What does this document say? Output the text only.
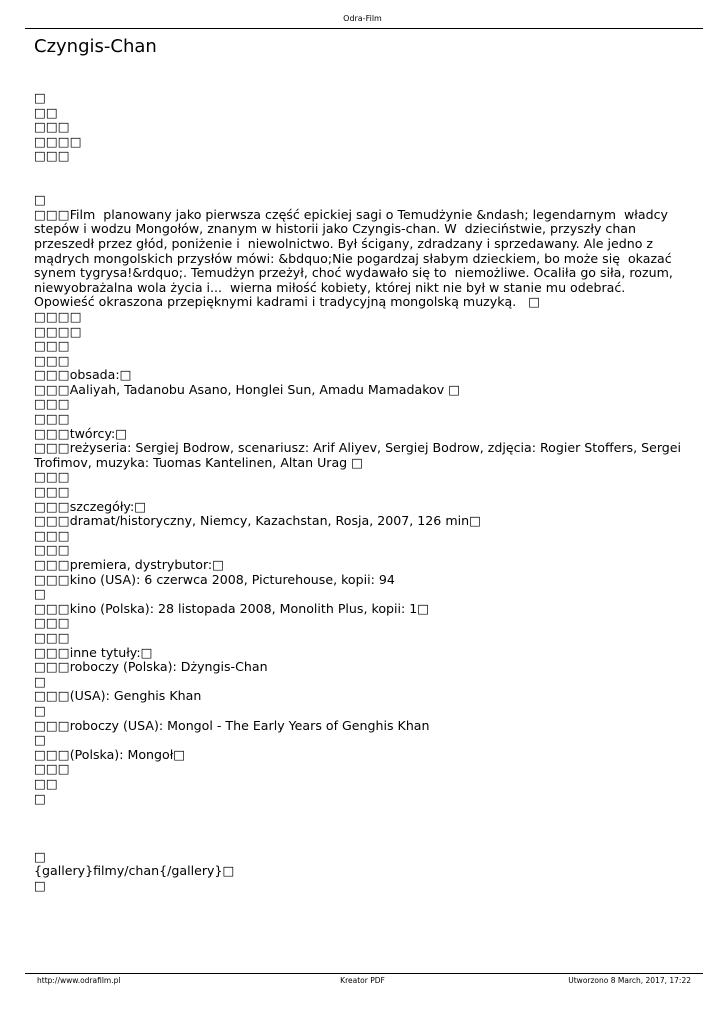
Odra-Film
Czyngis-Chan
□
□□
□□□
□□□□
□□□
□
□□□Film  planowany jako pierwsza część epickiej sagi o Temudżynie &ndash; legendarnym  władcy stepów i wodzu Mongołów, znanym w historii jako Czyngis-chan. W  dzieciństwie, przyszły chan przeszedł przez głód, poniżenie i  niewolnictwo. Był ścigany, zdradzany i sprzedawany. Ale jedno z mądrych mongolskich przysłów mówi: &bdquo;Nie pogardzaj słabym dzieckiem, bo może się  okazać synem tygrysa!&rdquo;. Temudżyn przeżył, choć wydawało się to  niemożliwe. Ocaliła go siła, rozum, niewyobrażalna wola życia i...  wierna miłość kobiety, której nikt nie był w stanie mu odebrać.  Opowieść okraszona przepięknymi kadrami i tradycyjną mongolską muzyką.   □
□□□□
□□□□
□□□
□□□
□□□obsada:□
□□□Aaliyah, Tadanobu Asano, Honglei Sun, Amadu Mamadakov □
□□□
□□□
□□□twórcy:□
□□□reżyseria: Sergiej Bodrow, scenariusz: Arif Aliyev, Sergiej Bodrow, zdjęcia: Rogier Stoffers, Sergei Trofimov, muzyka: Tuomas Kantelinen, Altan Urag □
□□□
□□□
□□□szczegóły:□
□□□dramat/historyczny, Niemcy, Kazachstan, Rosja, 2007, 126 min□
□□□
□□□
□□□premiera, dystrybutor:□
□□□kino (USA): 6 czerwca 2008, Picturehouse, kopii: 94
□
□□□kino (Polska): 28 listopada 2008, Monolith Plus, kopii: 1□
□□□
□□□
□□□inne tytuły:□
□□□roboczy (Polska): Dżyngis-Chan
□
□□□(USA): Genghis Khan
□
□□□roboczy (USA): Mongol - The Early Years of Genghis Khan
□
□□□(Polska): Mongoł□
□□□
□□
□
□
{gallery}filmy/chan{/gallery}□
□
http://www.odrafilm.pl	Kreator PDF	Utworzono 8 March, 2017, 17:22
